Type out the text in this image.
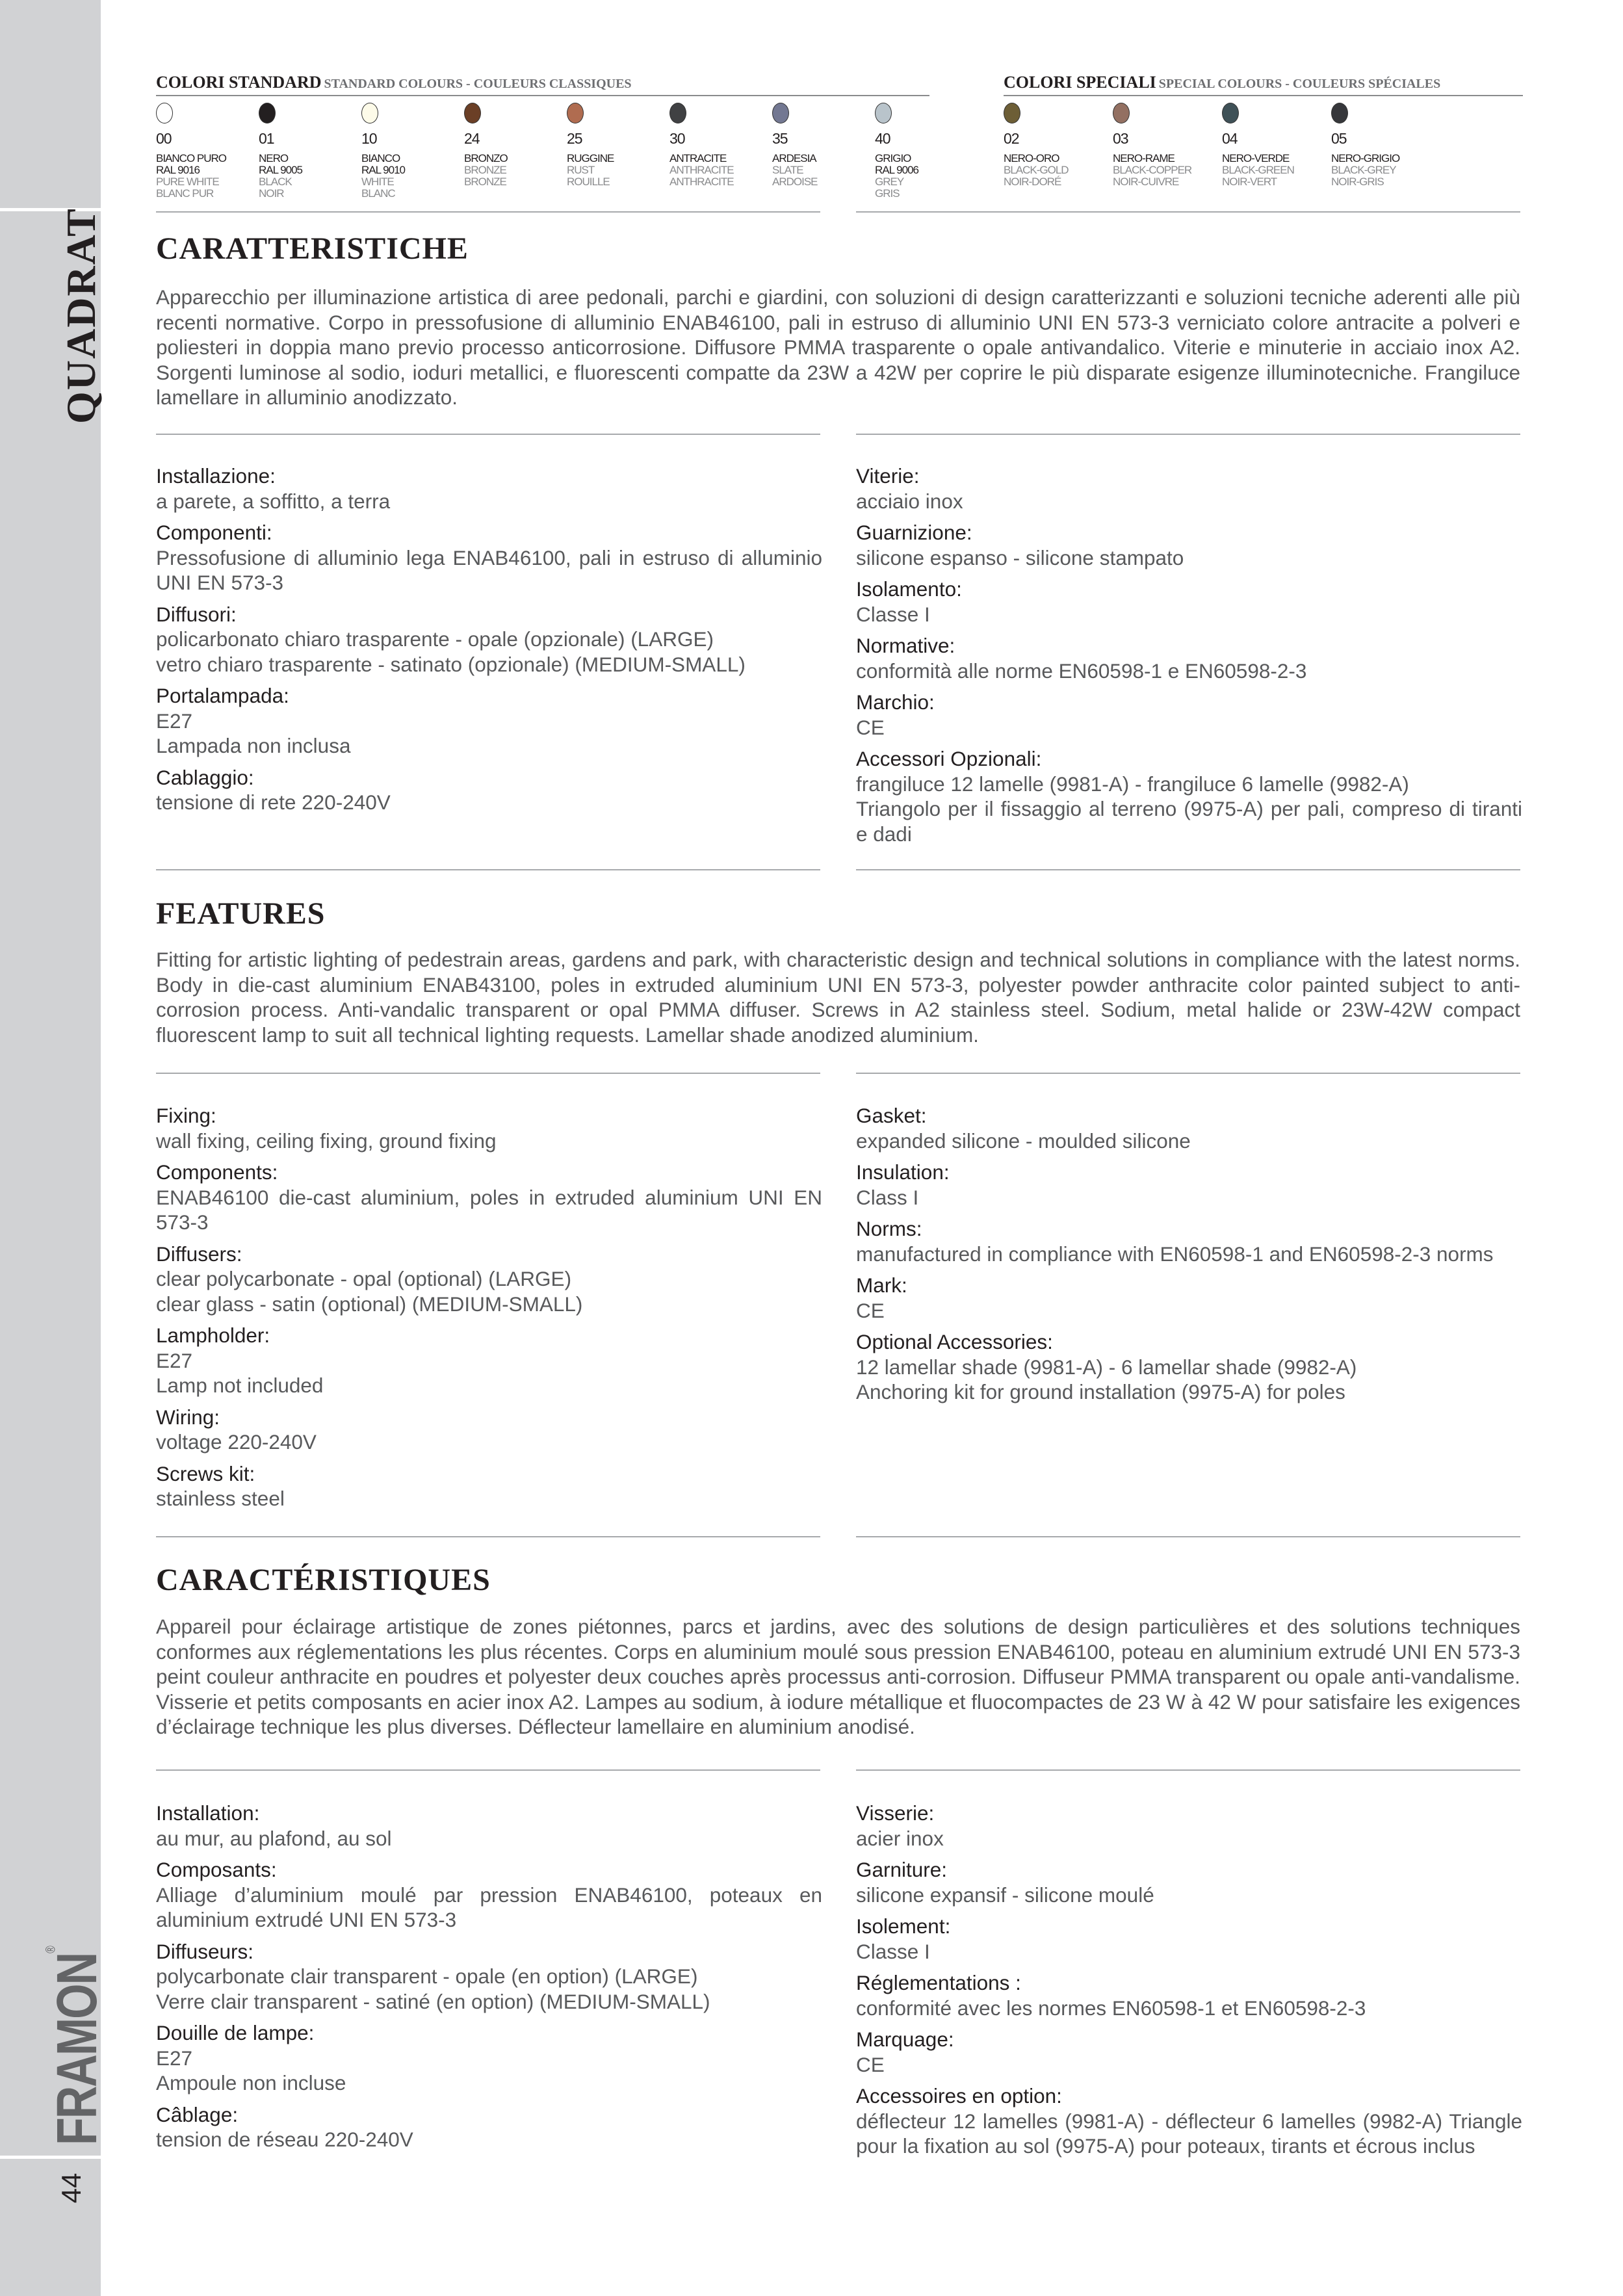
QUADRAT
FRAMON®
44
COLORI STANDARD STANDARD COLOURS - COULEURS CLASSIQUES	COLORI SPECIALI SPECIAL COLOURS - COULEURS SPÉCIALES
00
BIANCO PURO
RAL 9016
PURE WHITE
BLANC PUR
01
NERO
RAL 9005
BLACK
NOIR
10
BIANCO
RAL 9010
WHITE
BLANC
24
BRONZO
BRONZE
BRONZE
25
RUGGINE
RUST
ROUILLE
30
ANTRACITE
ANTHRACITE
ANTHRACITE
35
ARDESIA
SLATE
ARDOISE
40
GRIGIO
RAL 9006
GREY
GRIS
02
NERO-ORO
BLACK-GOLD
NOIR-DORÉ
03
NERO-RAME
BLACK-COPPER
NOIR-CUIVRE
04
NERO-VERDE
BLACK-GREEN
NOIR-VERT
05
NERO-GRIGIO
BLACK-GREY
NOIR-GRIS
CARATTERISTICHE
Apparecchio per illuminazione artistica di aree pedonali, parchi e giardini, con soluzioni di design caratterizzanti e soluzioni tecniche aderenti alle più recenti normative. Corpo in pressofusione di alluminio ENAB46100, pali in estruso di alluminio UNI EN 573-3 verniciato colore antracite a polveri e poliesteri in doppia mano previo processo anticorrosione. Diffusore PMMA trasparente o opale antivandalico. Viterie e minuterie in acciaio inox A2. Sorgenti luminose al sodio, ioduri metallici, e fluorescenti compatte da 23W a 42W per coprire le più disparate esigenze illuminotecniche. Frangiluce lamellare in alluminio anodizzato.
Installazione:
a parete, a soffitto, a terra
Componenti:
Pressofusione di alluminio lega ENAB46100, pali in estruso di alluminio UNI EN 573-3
Diffusori:
policarbonato chiaro trasparente - opale (opzionale) (LARGE)
vetro chiaro trasparente - satinato (opzionale) (MEDIUM-SMALL)
Portalampada:
E27
Lampada non inclusa
Cablaggio:
tensione di rete 220-240V
Viterie:
acciaio inox
Guarnizione:
silicone espanso - silicone stampato
Isolamento:
Classe I
Normative:
conformità alle norme EN60598-1 e EN60598-2-3
Marchio:
CE
Accessori Opzionali:
frangiluce 12 lamelle (9981-A) - frangiluce 6 lamelle (9982-A)
Triangolo per il fissaggio al terreno (9975-A) per pali, compreso di tiranti e dadi
FEATURES
Fitting for artistic lighting of pedestrain areas, gardens and park, with characteristic design and technical solutions in compliance with the latest norms. Body in die-cast aluminium ENAB43100, poles in extruded aluminium UNI EN 573-3, polyester powder anthracite color painted subject to anti-corrosion process. Anti-vandalic transparent or opal PMMA diffuser. Screws in A2 stainless steel. Sodium, metal halide or 23W-42W compact fluorescent lamp to suit all technical lighting requests. Lamellar shade anodized aluminium.
Fixing:
wall fixing, ceiling fixing, ground fixing
Components:
ENAB46100 die-cast aluminium, poles in extruded aluminium UNI EN 573-3
Diffusers:
clear polycarbonate - opal (optional) (LARGE)
clear glass - satin (optional) (MEDIUM-SMALL)
Lampholder:
E27
Lamp not included
Wiring:
voltage 220-240V
Screws kit:
stainless steel
Gasket:
expanded silicone - moulded silicone
Insulation:
Class I
Norms:
manufactured in compliance with EN60598-1 and EN60598-2-3 norms
Mark:
CE
Optional Accessories:
12 lamellar shade (9981-A) - 6 lamellar shade (9982-A)
Anchoring kit for ground installation (9975-A) for poles
CARACTÉRISTIQUES
Appareil pour éclairage artistique de zones piétonnes, parcs et jardins, avec des solutions de design particulières et des solutions techniques conformes aux réglementations les plus récentes. Corps en aluminium moulé sous pression ENAB46100, poteau en aluminium extrudé UNI EN 573-3 peint couleur anthracite en poudres et polyester deux couches après processus anti-corrosion. Diffuseur PMMA transparent ou opale anti-vandalisme. Visserie et petits composants en acier inox A2. Lampes au sodium, à iodure métallique et fluocompactes de 23 W à 42 W pour satisfaire les exigences d’éclairage technique les plus diverses. Déflecteur lamellaire en aluminium anodisé.
Installation:
au mur, au plafond, au sol
Composants:
Alliage d’aluminium moulé par pression ENAB46100, poteaux en aluminium extrudé UNI EN 573-3
Diffuseurs:
polycarbonate clair transparent - opale (en option) (LARGE)
Verre clair transparent - satiné (en option) (MEDIUM-SMALL)
Douille de lampe:
E27
Ampoule non incluse
Câblage:
tension de réseau 220-240V
Visserie:
acier inox
Garniture:
silicone expansif - silicone moulé
Isolement:
Classe I
Réglementations :
conformité avec les normes EN60598-1 et EN60598-2-3
Marquage:
CE
Accessoires en option:
déflecteur 12 lamelles (9981-A) - déflecteur 6 lamelles (9982-A) Triangle pour la fixation au sol (9975-A) pour poteaux, tirants et écrous inclus
